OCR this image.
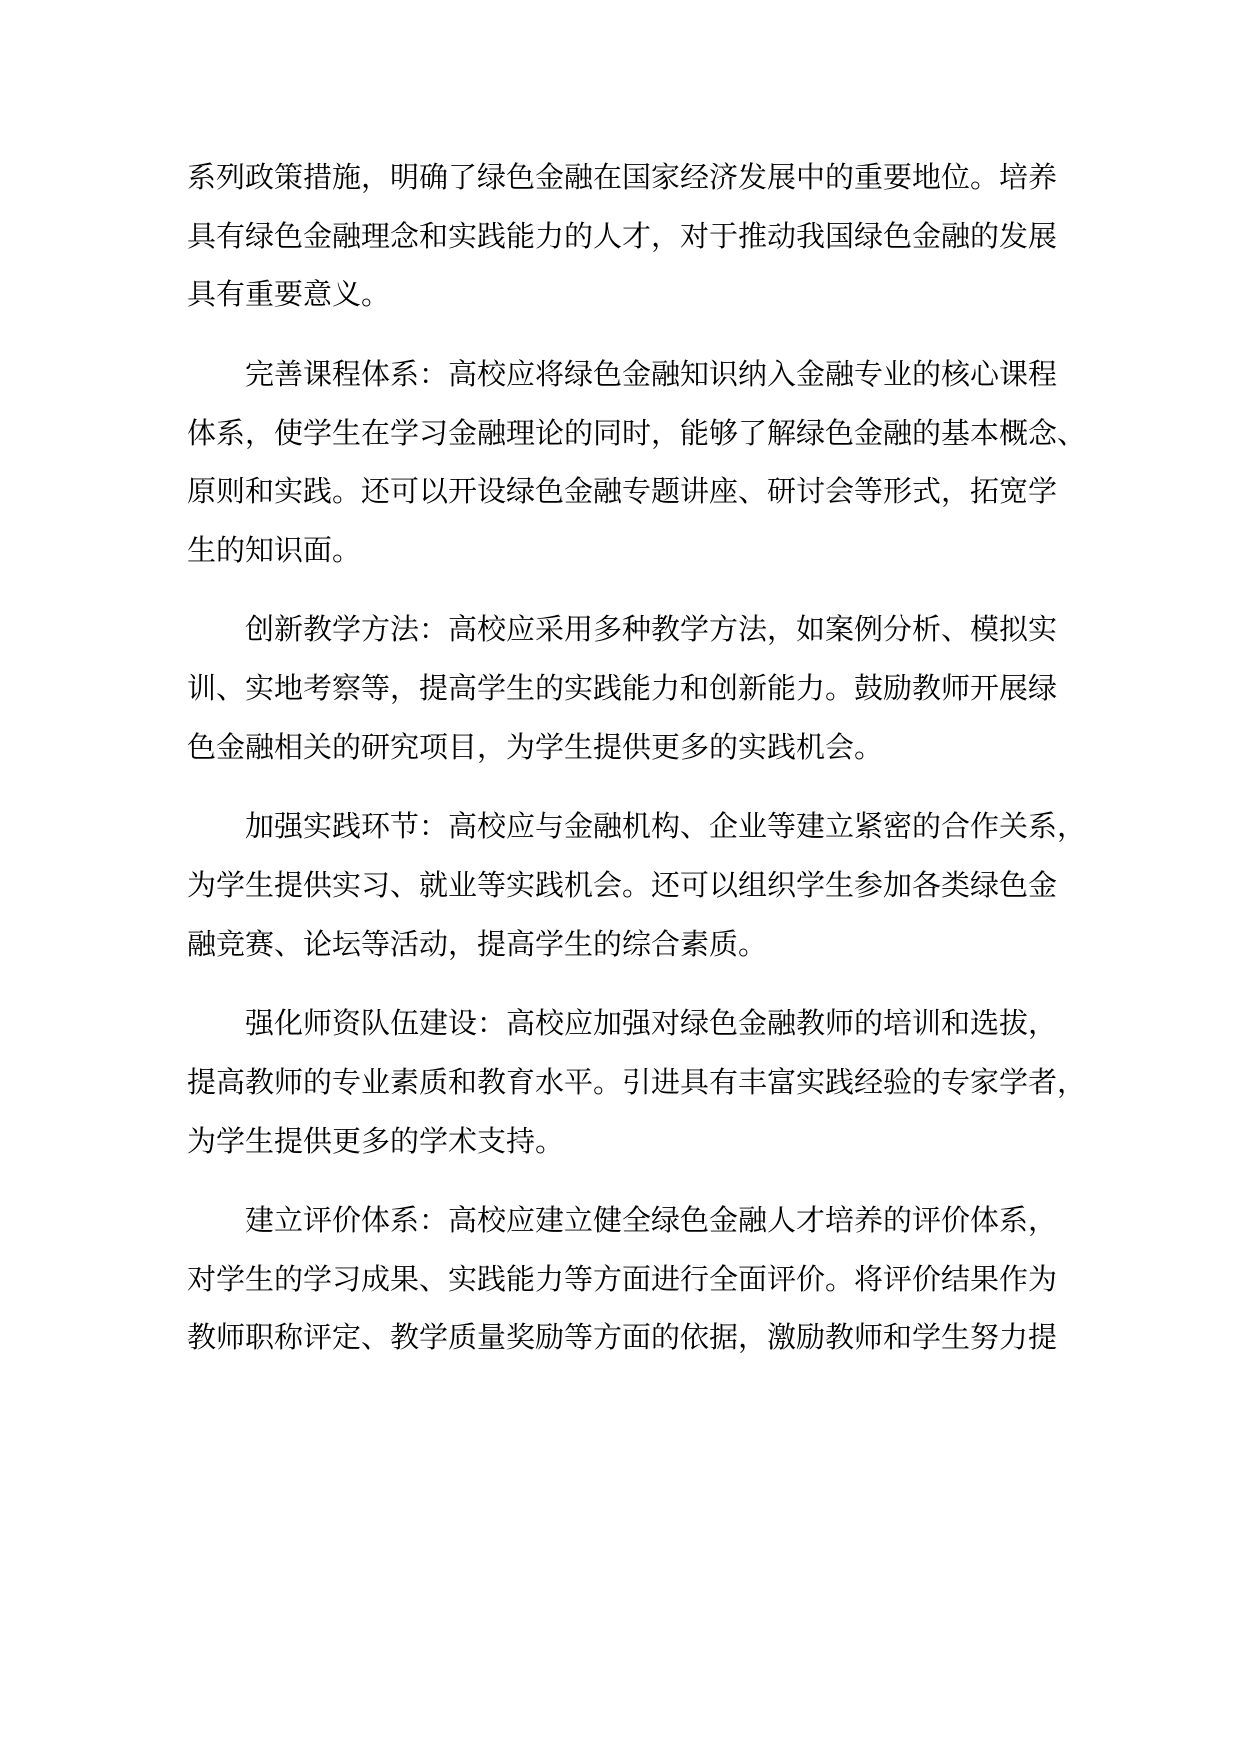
系列政策措施，明确了绿色金融在国家经济发展中的重要地位。培养
具有绿色金融理念和实践能力的人才，对于推动我国绿色金融的发展
具有重要意义。
完善课程体系：高校应将绿色金融知识纳入金融专业的核心课程
体系，使学生在学习金融理论的同时，能够了解绿色金融的基本概念、
原则和实践。还可以开设绿色金融专题讲座、研讨会等形式，拓宽学
生的知识面。
创新教学方法：高校应采用多种教学方法，如案例分析、模拟实
训、实地考察等，提高学生的实践能力和创新能力。鼓励教师开展绿
色金融相关的研究项目，为学生提供更多的实践机会。
加强实践环节：高校应与金融机构、企业等建立紧密的合作关系，
为学生提供实习、就业等实践机会。还可以组织学生参加各类绿色金
融竞赛、论坛等活动，提高学生的综合素质。
强化师资队伍建设：高校应加强对绿色金融教师的培训和选拔，
提高教师的专业素质和教育水平。引进具有丰富实践经验的专家学者，
为学生提供更多的学术支持。
建立评价体系：高校应建立健全绿色金融人才培养的评价体系，
对学生的学习成果、实践能力等方面进行全面评价。将评价结果作为
教师职称评定、教学质量奖励等方面的依据，激励教师和学生努力提
